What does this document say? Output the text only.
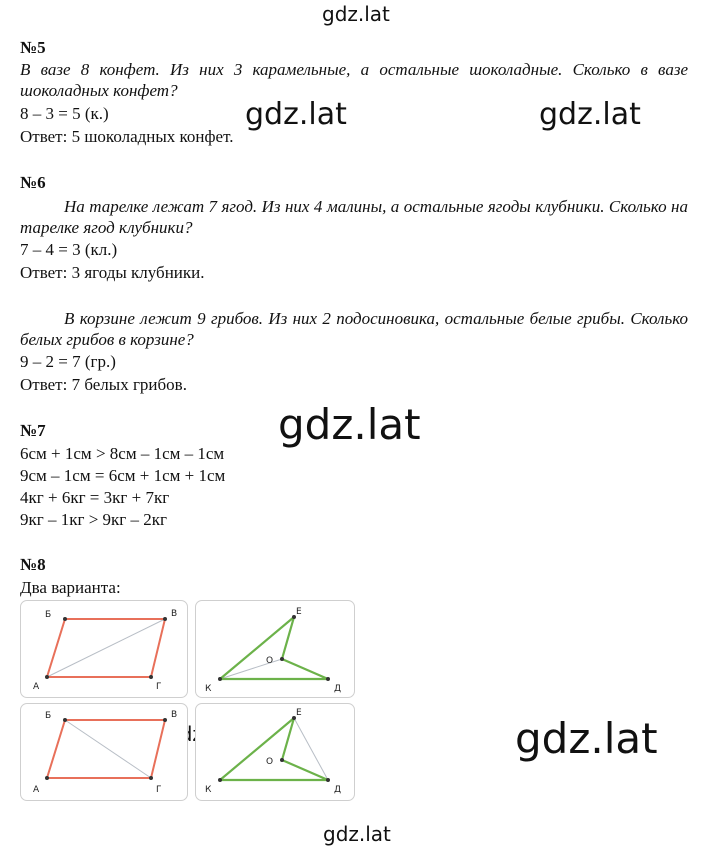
gdz.lat
gdz.lat	gdz.lat
gdz.lat
gdz.lat
gdz.lat
№5
В вазе 8 конфет. Из них 3 карамельные, а остальные шоколадные. Сколько в вазе шоколадных конфет?
8 – 3 = 5 (к.)
Ответ: 5 шоколадных конфет.
№6
На тарелке лежат 7 ягод. Из них 4 малины, а остальные ягоды клубники. Сколько на тарелке ягод клубники?
7 – 4 = 3 (кл.)
Ответ: 3 ягоды клубники.
В корзине лежит 9 грибов. Из них 2 подосиновика, остальные белые грибы. Сколько белых грибов в корзине?
9 – 2 = 7 (гр.)
Ответ: 7 белых грибов.
№7
6см + 1см > 8см – 1см – 1см
9см – 1см = 6см + 1см + 1см
4кг + 6кг = 3кг + 7кг
9кг – 1кг > 9кг – 2кг
№8
Два варианта:
Б	В
А	Г
Е
О
К	Д
Б	В
А	Г
Е
О
К	Д
